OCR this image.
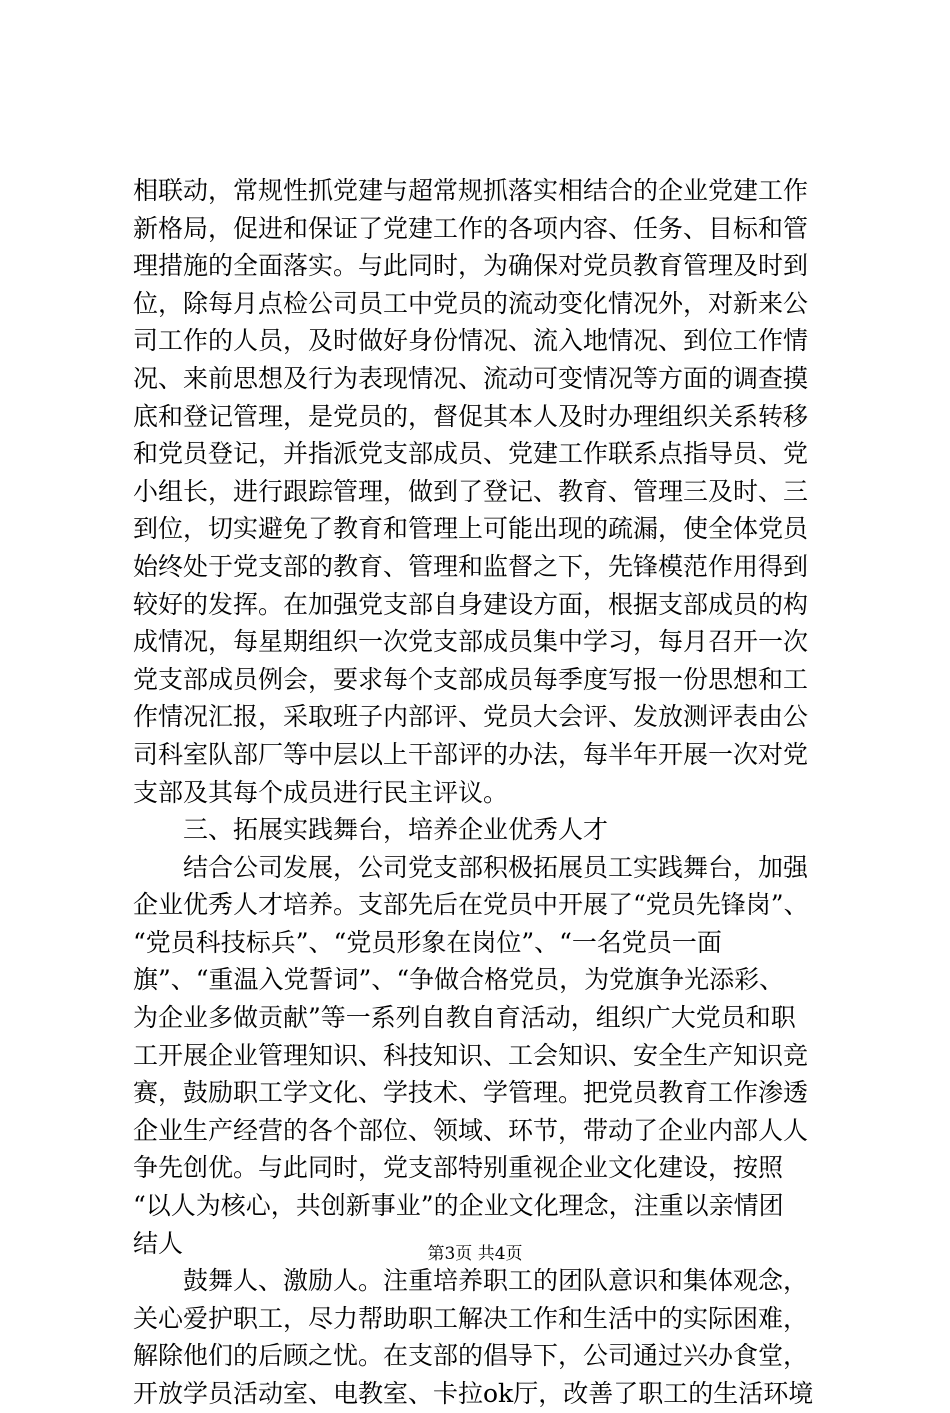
相联动，常规性抓党建与超常规抓落实相结合的企业党建工作
新格局，促进和保证了党建工作的各项内容、任务、目标和管
理措施的全面落实。与此同时，为确保对党员教育管理及时到
位，除每月点检公司员工中党员的流动变化情况外，对新来公
司工作的人员，及时做好身份情况、流入地情况、到位工作情
况、来前思想及行为表现情况、流动可变情况等方面的调查摸
底和登记管理，是党员的，督促其本人及时办理组织关系转移
和党员登记，并指派党支部成员、党建工作联系点指导员、党
小组长，进行跟踪管理，做到了登记、教育、管理三及时、三
到位，切实避免了教育和管理上可能出现的疏漏，使全体党员
始终处于党支部的教育、管理和监督之下，先锋模范作用得到
较好的发挥。在加强党支部自身建设方面，根据支部成员的构
成情况，每星期组织一次党支部成员集中学习，每月召开一次
党支部成员例会，要求每个支部成员每季度写报一份思想和工
作情况汇报，采取班子内部评、党员大会评、发放测评表由公
司科室队部厂等中层以上干部评的办法，每半年开展一次对党
支部及其每个成员进行民主评议。
三、拓展实践舞台，培养企业优秀人才
结合公司发展，公司党支部积极拓展员工实践舞台，加强
企业优秀人才培养。支部先后在党员中开展了“党员先锋岗”、
“党员科技标兵”、“党员形象在岗位”、“一名党员一面
旗”、“重温入党誓词”、“争做合格党员，为党旗争光添彩、
为企业多做贡献”等一系列自教自育活动，组织广大党员和职
工开展企业管理知识、科技知识、工会知识、安全生产知识竞
赛，鼓励职工学文化、学技术、学管理。把党员教育工作渗透
企业生产经营的各个部位、领域、环节，带动了企业内部人人
争先创优。与此同时，党支部特别重视企业文化建设，按照
“以人为核心，共创新事业”的企业文化理念，注重以亲情团
结人
鼓舞人、激励人。注重培养职工的团队意识和集体观念，
关心爱护职工，尽力帮助职工解决工作和生活中的实际困难，
解除他们的后顾之忧。在支部的倡导下，公司通过兴办食堂，
开放学员活动室、电教室、卡拉ok厅，改善了职工的生活环境
第3页 共4页
